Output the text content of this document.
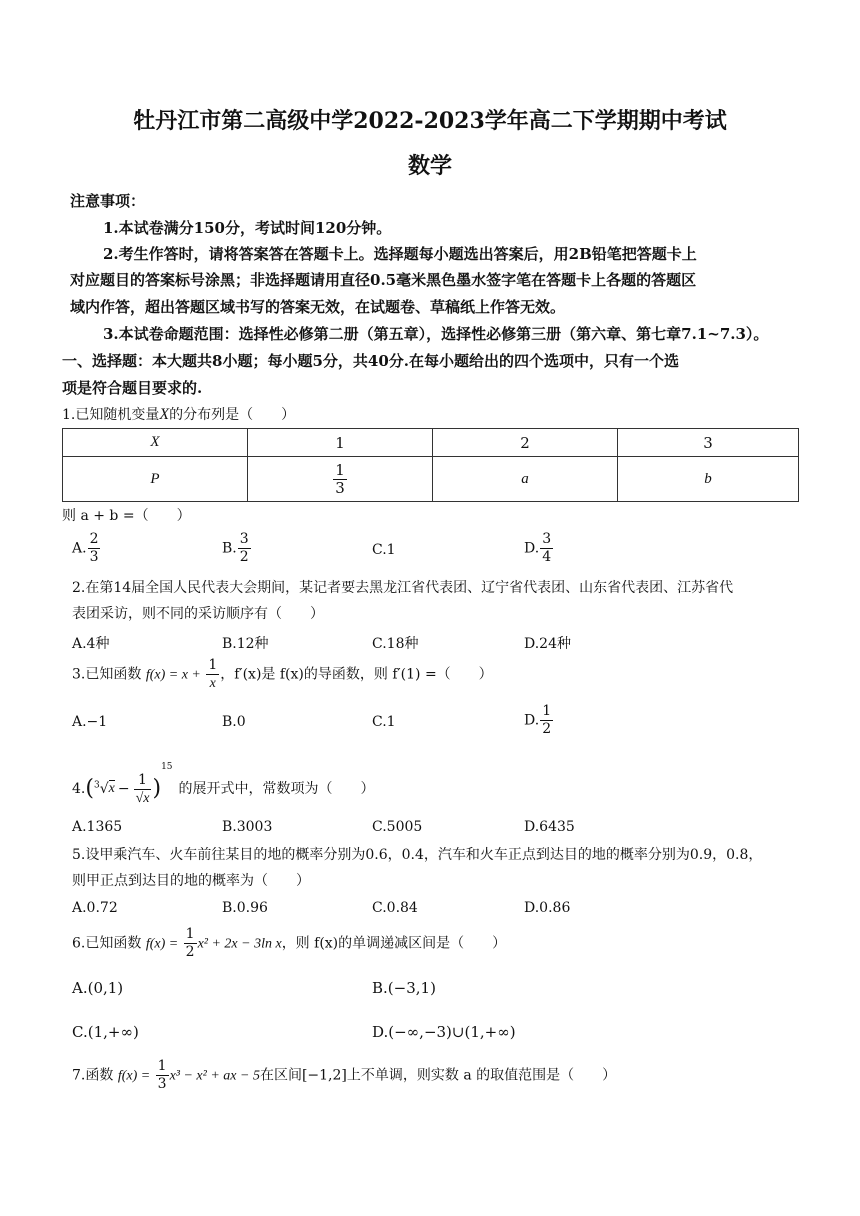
牡丹江市第二高级中学2022-2023学年高二下学期期中考试
数学
注意事项：
1.本试卷满分150分，考试时间120分钟。
2.考生作答时，请将答案答在答题卡上。选择题每小题选出答案后，用2B铅笔把答题卡上
对应题目的答案标号涂黑；非选择题请用直径0.5毫米黑色墨水签字笔在答题卡上各题的答题区
域内作答，超出答题区域书写的答案无效，在试题卷、草稿纸上作答无效。
3.本试卷命题范围：选择性必修第二册（第五章），选择性必修第三册（第六章、第七章7.1~7.3）。
一、选择题：本大题共8小题；每小题5分，共40分.在每小题给出的四个选项中，只有一个选
项是符合题目要求的.
1.已知随机变量X的分布列是（　　）
X	1	2	3
P	$\frac{1}{3}$	a	b
则 a + b =（　　）
A. $\frac{2}{3}$	B. $\frac{3}{2}$	C.1	D. $\frac{3}{4}$
2.在第14届全国人民代表大会期间，某记者要去黑龙江省代表团、辽宁省代表团、山东省代表团、江苏省代
表团采访，则不同的采访顺序有（　　）
A.4种	B.12种	C.18种	D.24种
3.已知函数 $f(x) = x + \frac{1}{x}$ ，f′(x)是 f(x)的导函数，则 f′(1) =（　　）
A.−1	B.0	C.1	D. $\frac{1}{2}$
$4.(^3√x - \frac{1}{√x} )^{15}$的展开式中，常数项为（　　）
A.1365	B.3003	C.5005	D.6435
5.设甲乘汽车、火车前往某目的地的概率分别为0.6，0.4，汽车和火车正点到达目的地的概率分别为0.9，0.8，
则甲正点到达目的地的概率为（　　）
A.0.72	B.0.96	C.0.84	D.0.86
6.已知函数 $f(x) = \frac{1}{2} x^2 + 2x - 3\ln$ x，则 f(x)的单调递减区间是（　　）
A.(0,1)	B.(−3,1)
C.(1,+∞)	D.(−∞,−3)∪(1,+∞)
7.函数 $f(x) = \frac{1}{3} x^3 - x^2$ + ax − 5在区间[−1,2]上不单调，则实数 a 的取值范围是（　　）
